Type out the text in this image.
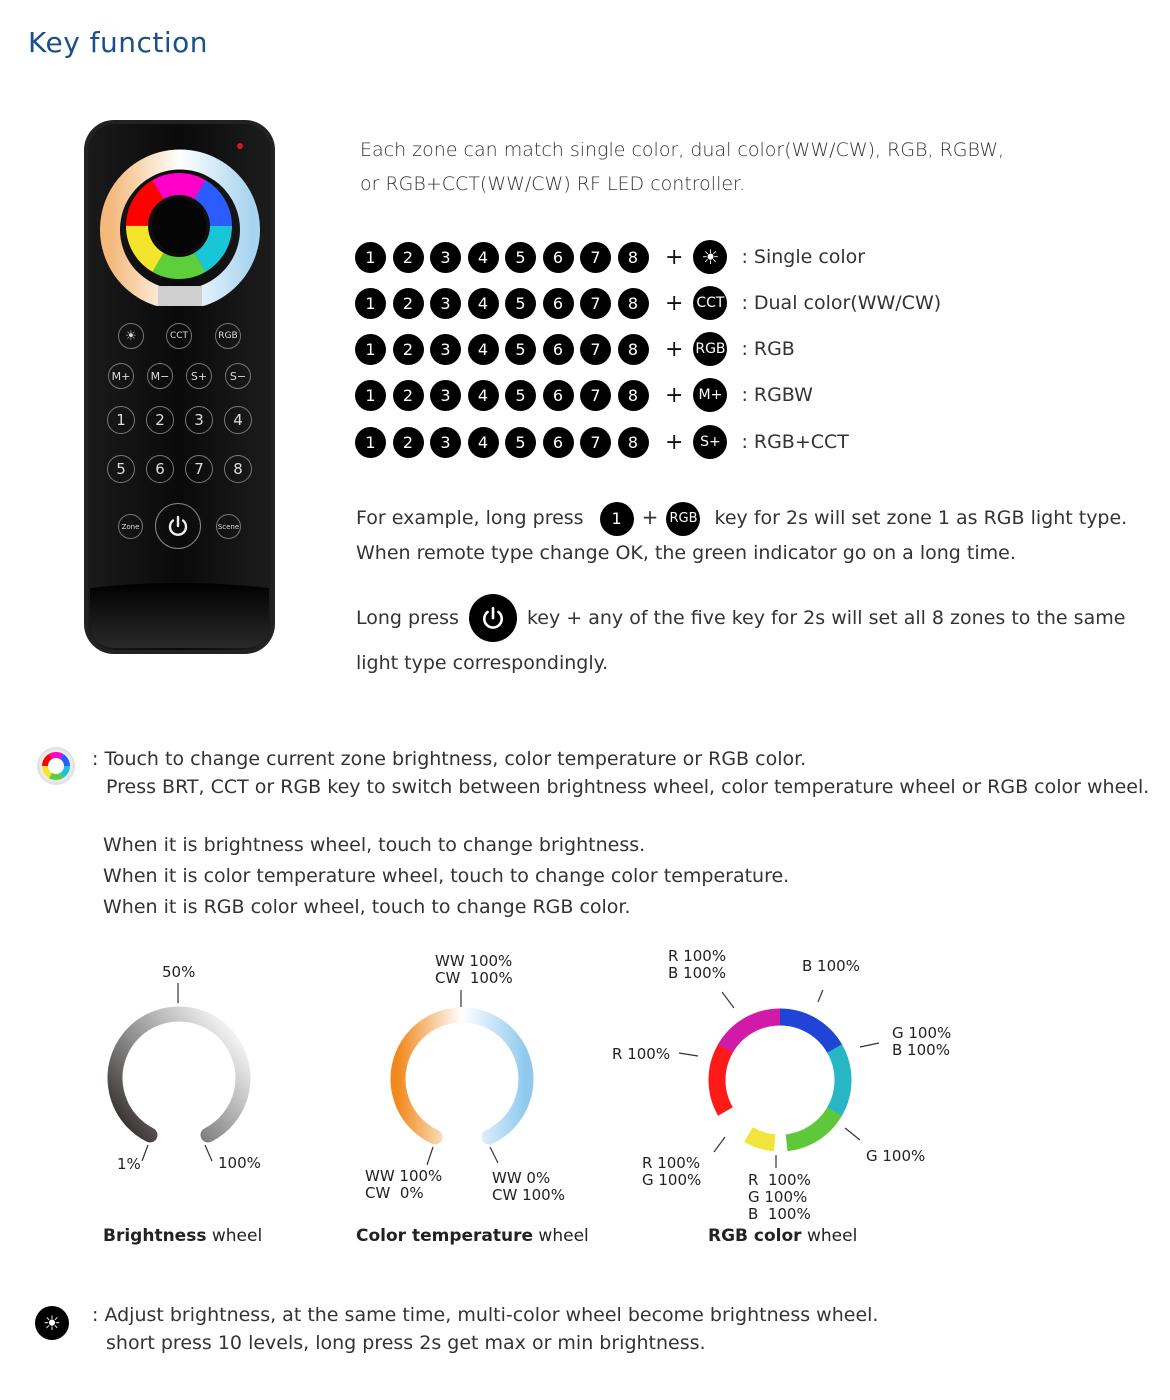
Key function
☀	CCT	RGB
M+ M− S+ S−
1 2 3 4
5 6 7 8
Zone	Scene
Each zone can match single color, dual color(WW/CW), RGB, RGBW,
or RGB+CCT(WW/CW) RF LED controller.
1	2	3	4	5	6	7	8	+ ☀	: Single color
1	2	3	4	5	6	7	8	+ CCT : Dual color(WW/CW)
1	2	3	4	5	6	7	8	+ RGB : RGB
1	2	3	4	5	6	7	8	+	M+ : RGBW
1	2	3	4	5	6	7	8	+	S+	: RGB+CCT
For example, long press 1 + RGB key for 2s will set zone 1 as RGB light type.
When remote type change OK, the green indicator go on a long time.
Long press	key + any of the five key for 2s will set all 8 zones to the same
light type correspondingly.
: Touch to change current zone brightness, color temperature or RGB color.
Press BRT, CCT or RGB key to switch between brightness wheel, color temperature wheel or RGB color wheel.
When it is brightness wheel, touch to change brightness.
When it is color temperature wheel, touch to change color temperature.
When it is RGB color wheel, touch to change RGB color.
50%
1%	100%
Brightness wheel
WW 100%
CW  100%
WW 100%
CW  0%
WW 0%
CW 100%
Color temperature wheel
R 100%
B 100%	B 100%
G 100%
B 100%
R 100%
G 100%
R 100%
G 100%	R  100%
G 100%
B  100%
RGB color wheel
☀	: Adjust brightness, at the same time, multi-color wheel become brightness wheel.
short press 10 levels, long press 2s get max or min brightness.
